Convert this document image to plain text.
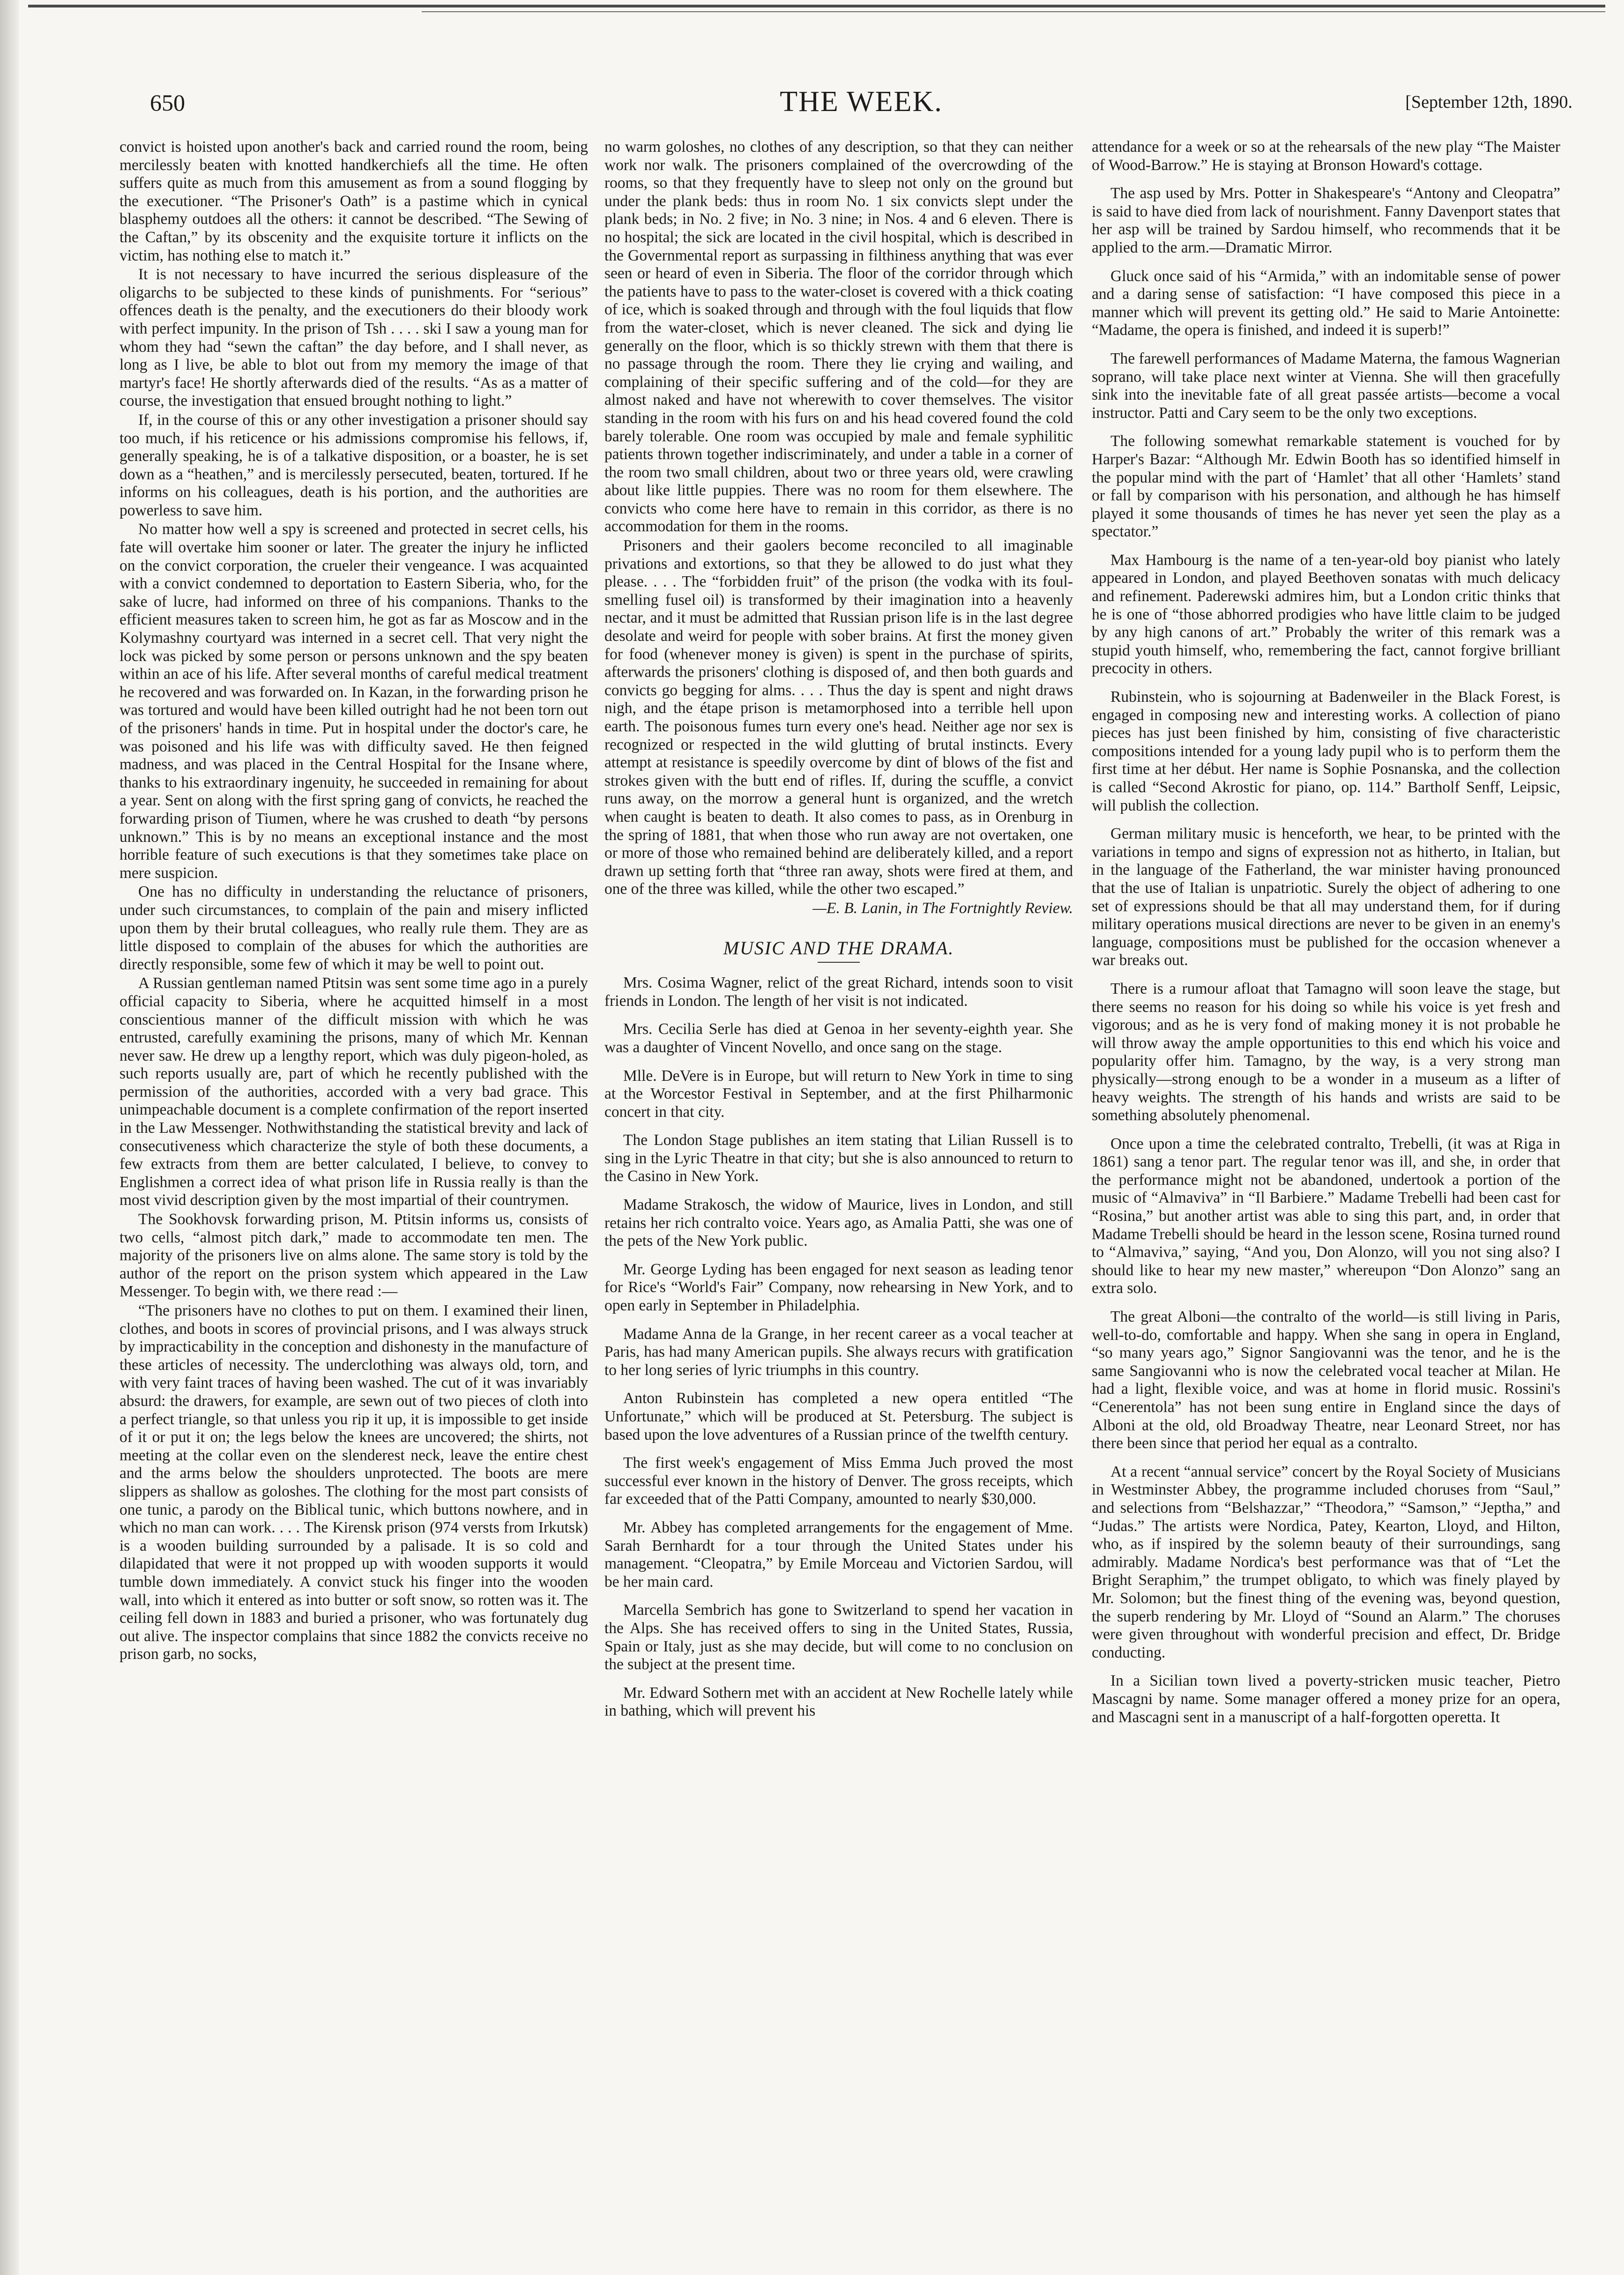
650	THE WEEK.	[September 12th, 1890.

convict is hoisted upon another's back and carried round the room, being mercilessly beaten with knotted handkerchiefs all the time. He often suffers quite as much from this amusement as from a sound flogging by the executioner. “The Prisoner's Oath” is a pastime which in cynical blasphemy outdoes all the others: it cannot be described. “The Sewing of the Caftan,” by its obscenity and the exquisite torture it inflicts on the victim, has nothing else to match it.”

It is not necessary to have incurred the serious displeasure of the oligarchs to be subjected to these kinds of punishments. For “serious” offences death is the penalty, and the executioners do their bloody work with perfect impunity. In the prison of Tsh . . . . ski I saw a young man for whom they had “sewn the caftan” the day before, and I shall never, as long as I live, be able to blot out from my memory the image of that martyr's face! He shortly afterwards died of the results. “As as a matter of course, the investigation that ensued brought nothing to light.”

If, in the course of this or any other investigation a prisoner should say too much, if his reticence or his admissions compromise his fellows, if, generally speaking, he is of a talkative disposition, or a boaster, he is set down as a “heathen,” and is mercilessly persecuted, beaten, tortured. If he informs on his colleagues, death is his portion, and the authorities are powerless to save him.

No matter how well a spy is screened and protected in secret cells, his fate will overtake him sooner or later. The greater the injury he inflicted on the convict corporation, the crueler their vengeance. I was acquainted with a convict condemned to deportation to Eastern Siberia, who, for the sake of lucre, had informed on three of his companions. Thanks to the efficient measures taken to screen him, he got as far as Moscow and in the Kolymashny courtyard was interned in a secret cell. That very night the lock was picked by some person or persons unknown and the spy beaten within an ace of his life. After several months of careful medical treatment he recovered and was forwarded on. In Kazan, in the forwarding prison he was tortured and would have been killed outright had he not been torn out of the prisoners' hands in time. Put in hospital under the doctor's care, he was poisoned and his life was with difficulty saved. He then feigned madness, and was placed in the Central Hospital for the Insane where, thanks to his extraordinary ingenuity, he succeeded in remaining for about a year. Sent on along with the first spring gang of convicts, he reached the forwarding prison of Tiumen, where he was crushed to death “by persons unknown.” This is by no means an exceptional instance and the most horrible feature of such executions is that they sometimes take place on mere suspicion.

One has no difficulty in understanding the reluctance of prisoners, under such circumstances, to complain of the pain and misery inflicted upon them by their brutal colleagues, who really rule them. They are as little disposed to complain of the abuses for which the authorities are directly responsible, some few of which it may be well to point out.

A Russian gentleman named Ptitsin was sent some time ago in a purely official capacity to Siberia, where he acquitted himself in a most conscientious manner of the difficult mission with which he was entrusted, carefully examining the prisons, many of which Mr. Kennan never saw. He drew up a lengthy report, which was duly pigeon-holed, as such reports usually are, part of which he recently published with the permission of the authorities, accorded with a very bad grace. This unimpeachable document is a complete confirmation of the report inserted in the Law Messenger. Nothwithstanding the statistical brevity and lack of consecutiveness which characterize the style of both these documents, a few extracts from them are better calculated, I believe, to convey to Englishmen a correct idea of what prison life in Russia really is than the most vivid description given by the most impartial of their countrymen.

The Sookhovsk forwarding prison, M. Ptitsin informs us, consists of two cells, “almost pitch dark,” made to accommodate ten men. The majority of the prisoners live on alms alone. The same story is told by the author of the report on the prison system which appeared in the Law Messenger. To begin with, we there read :—

“The prisoners have no clothes to put on them. I examined their linen, clothes, and boots in scores of provincial prisons, and I was always struck by impracticability in the conception and dishonesty in the manufacture of these articles of necessity. The underclothing was always old, torn, and with very faint traces of having been washed. The cut of it was invariably absurd: the drawers, for example, are sewn out of two pieces of cloth into a perfect triangle, so that unless you rip it up, it is impossible to get inside of it or put it on; the legs below the knees are uncovered; the shirts, not meeting at the collar even on the slenderest neck, leave the entire chest and the arms below the shoulders unprotected. The boots are mere slippers as shallow as goloshes. The clothing for the most part consists of one tunic, a parody on the Biblical tunic, which buttons nowhere, and in which no man can work. . . . The Kirensk prison (974 versts from Irkutsk) is a wooden building surrounded by a palisade. It is so cold and dilapidated that were it not propped up with wooden supports it would tumble down immediately. A convict stuck his finger into the wooden wall, into which it entered as into butter or soft snow, so rotten was it. The ceiling fell down in 1883 and buried a prisoner, who was fortunately dug out alive. The inspector complains that since 1882 the convicts receive no prison garb, no socks,

no warm goloshes, no clothes of any description, so that they can neither work nor walk. The prisoners complained of the overcrowding of the rooms, so that they frequently have to sleep not only on the ground but under the plank beds: thus in room No. 1 six convicts slept under the plank beds; in No. 2 five; in No. 3 nine; in Nos. 4 and 6 eleven. There is no hospital; the sick are located in the civil hospital, which is described in the Governmental report as surpassing in filthiness anything that was ever seen or heard of even in Siberia. The floor of the corridor through which the patients have to pass to the water-closet is covered with a thick coating of ice, which is soaked through and through with the foul liquids that flow from the water-closet, which is never cleaned. The sick and dying lie generally on the floor, which is so thickly strewn with them that there is no passage through the room. There they lie crying and wailing, and complaining of their specific suffering and of the cold—for they are almost naked and have not wherewith to cover themselves. The visitor standing in the room with his furs on and his head covered found the cold barely tolerable. One room was occupied by male and female syphilitic patients thrown together indiscriminately, and under a table in a corner of the room two small children, about two or three years old, were crawling about like little puppies. There was no room for them elsewhere. The convicts who come here have to remain in this corridor, as there is no accommodation for them in the rooms.

Prisoners and their gaolers become reconciled to all imaginable privations and extortions, so that they be allowed to do just what they please. . . . The “forbidden fruit” of the prison (the vodka with its foul-smelling fusel oil) is transformed by their imagination into a heavenly nectar, and it must be admitted that Russian prison life is in the last degree desolate and weird for people with sober brains. At first the money given for food (whenever money is given) is spent in the purchase of spirits, afterwards the prisoners' clothing is disposed of, and then both guards and convicts go begging for alms. . . . Thus the day is spent and night draws nigh, and the étape prison is metamorphosed into a terrible hell upon earth. The poisonous fumes turn every one's head. Neither age nor sex is recognized or respected in the wild glutting of brutal instincts. Every attempt at resistance is speedily overcome by dint of blows of the fist and strokes given with the butt end of rifles. If, during the scuffle, a convict runs away, on the morrow a general hunt is organized, and the wretch when caught is beaten to death. It also comes to pass, as in Orenburg in the spring of 1881, that when those who run away are not overtaken, one or more of those who remained behind are deliberately killed, and a report drawn up setting forth that “three ran away, shots were fired at them, and one of the three was killed, while the other two escaped.”

—E. B. Lanin, in The Fortnightly Review.

MUSIC AND THE DRAMA.

Mrs. Cosima Wagner, relict of the great Richard, intends soon to visit friends in London. The length of her visit is not indicated.

Mrs. Cecilia Serle has died at Genoa in her seventy-eighth year. She was a daughter of Vincent Novello, and once sang on the stage.

Mlle. DeVere is in Europe, but will return to New York in time to sing at the Worcestor Festival in September, and at the first Philharmonic concert in that city.

The London Stage publishes an item stating that Lilian Russell is to sing in the Lyric Theatre in that city; but she is also announced to return to the Casino in New York.

Madame Strakosch, the widow of Maurice, lives in London, and still retains her rich contralto voice. Years ago, as Amalia Patti, she was one of the pets of the New York public.

Mr. George Lyding has been engaged for next season as leading tenor for Rice's “World's Fair” Company, now rehearsing in New York, and to open early in September in Philadelphia.

Madame Anna de la Grange, in her recent career as a vocal teacher at Paris, has had many American pupils. She always recurs with gratification to her long series of lyric triumphs in this country.

Anton Rubinstein has completed a new opera entitled “The Unfortunate,” which will be produced at St. Petersburg. The subject is based upon the love adventures of a Russian prince of the twelfth century.

The first week's engagement of Miss Emma Juch proved the most successful ever known in the history of Denver. The gross receipts, which far exceeded that of the Patti Company, amounted to nearly $30,000.

Mr. Abbey has completed arrangements for the engagement of Mme. Sarah Bernhardt for a tour through the United States under his management. “Cleopatra,” by Emile Morceau and Victorien Sardou, will be her main card.

Marcella Sembrich has gone to Switzerland to spend her vacation in the Alps. She has received offers to sing in the United States, Russia, Spain or Italy, just as she may decide, but will come to no conclusion on the subject at the present time.

Mr. Edward Sothern met with an accident at New Rochelle lately while in bathing, which will prevent his

attendance for a week or so at the rehearsals of the new play “The Maister of Wood-Barrow.” He is staying at Bronson Howard's cottage.

The asp used by Mrs. Potter in Shakespeare's “Antony and Cleopatra” is said to have died from lack of nourishment. Fanny Davenport states that her asp will be trained by Sardou himself, who recommends that it be applied to the arm.—Dramatic Mirror.

Gluck once said of his “Armida,” with an indomitable sense of power and a daring sense of satisfaction: “I have composed this piece in a manner which will prevent its getting old.” He said to Marie Antoinette: “Madame, the opera is finished, and indeed it is superb!”

The farewell performances of Madame Materna, the famous Wagnerian soprano, will take place next winter at Vienna. She will then gracefully sink into the inevitable fate of all great passée artists—become a vocal instructor. Patti and Cary seem to be the only two exceptions.

The following somewhat remarkable statement is vouched for by Harper's Bazar: “Although Mr. Edwin Booth has so identified himself in the popular mind with the part of ‘Hamlet’ that all other ‘Hamlets’ stand or fall by comparison with his personation, and although he has himself played it some thousands of times he has never yet seen the play as a spectator.”

Max Hambourg is the name of a ten-year-old boy pianist who lately appeared in London, and played Beethoven sonatas with much delicacy and refinement. Paderewski admires him, but a London critic thinks that he is one of “those abhorred prodigies who have little claim to be judged by any high canons of art.” Probably the writer of this remark was a stupid youth himself, who, remembering the fact, cannot forgive brilliant precocity in others.

Rubinstein, who is sojourning at Badenweiler in the Black Forest, is engaged in composing new and interesting works. A collection of piano pieces has just been finished by him, consisting of five characteristic compositions intended for a young lady pupil who is to perform them the first time at her début. Her name is Sophie Posnanska, and the collection is called “Second Akrostic for piano, op. 114.” Bartholf Senff, Leipsic, will publish the collection.

German military music is henceforth, we hear, to be printed with the variations in tempo and signs of expression not as hitherto, in Italian, but in the language of the Fatherland, the war minister having pronounced that the use of Italian is unpatriotic. Surely the object of adhering to one set of expressions should be that all may understand them, for if during military operations musical directions are never to be given in an enemy's language, compositions must be published for the occasion whenever a war breaks out.

There is a rumour afloat that Tamagno will soon leave the stage, but there seems no reason for his doing so while his voice is yet fresh and vigorous; and as he is very fond of making money it is not probable he will throw away the ample opportunities to this end which his voice and popularity offer him. Tamagno, by the way, is a very strong man physically—strong enough to be a wonder in a museum as a lifter of heavy weights. The strength of his hands and wrists are said to be something absolutely phenomenal.

Once upon a time the celebrated contralto, Trebelli, (it was at Riga in 1861) sang a tenor part. The regular tenor was ill, and she, in order that the performance might not be abandoned, undertook a portion of the music of “Almaviva” in “Il Barbiere.” Madame Trebelli had been cast for “Rosina,” but another artist was able to sing this part, and, in order that Madame Trebelli should be heard in the lesson scene, Rosina turned round to “Almaviva,” saying, “And you, Don Alonzo, will you not sing also? I should like to hear my new master,” whereupon “Don Alonzo” sang an extra solo.

The great Alboni—the contralto of the world—is still living in Paris, well-to-do, comfortable and happy. When she sang in opera in England, “so many years ago,” Signor Sangiovanni was the tenor, and he is the same Sangiovanni who is now the celebrated vocal teacher at Milan. He had a light, flexible voice, and was at home in florid music. Rossini's “Cenerentola” has not been sung entire in England since the days of Alboni at the old, old Broadway Theatre, near Leonard Street, nor has there been since that period her equal as a contralto.

At a recent “annual service” concert by the Royal Society of Musicians in Westminster Abbey, the programme included choruses from “Saul,” and selections from “Belshazzar,” “Theodora,” “Samson,” “Jeptha,” and “Judas.” The artists were Nordica, Patey, Kearton, Lloyd, and Hilton, who, as if inspired by the solemn beauty of their surroundings, sang admirably. Madame Nordica's best performance was that of “Let the Bright Seraphim,” the trumpet obligato, to which was finely played by Mr. Solomon; but the finest thing of the evening was, beyond question, the superb rendering by Mr. Lloyd of “Sound an Alarm.” The choruses were given throughout with wonderful precision and effect, Dr. Bridge conducting.

In a Sicilian town lived a poverty-stricken music teacher, Pietro Mascagni by name. Some manager offered a money prize for an opera, and Mascagni sent in a manuscript of a half-forgotten operetta. It
